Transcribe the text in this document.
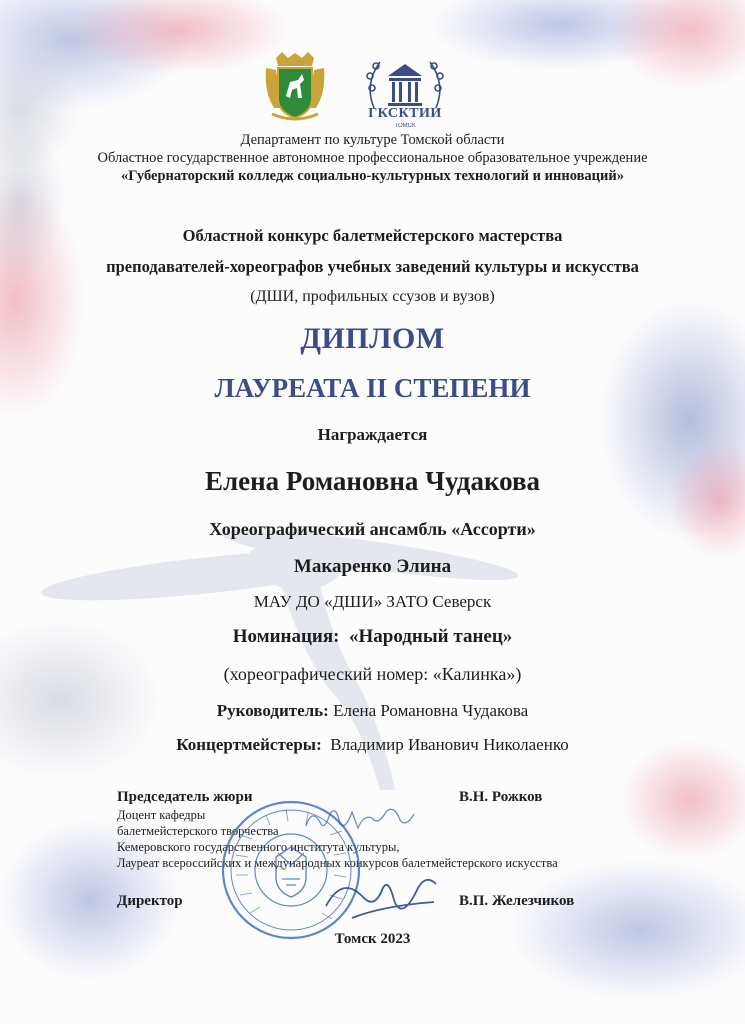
ГКСКТИИ
ТОМСК
Департамент по культуре Томской области
Областное государственное автономное профессиональное образовательное учреждение
«Губернаторский колледж социально-культурных технологий и инноваций»
Областной конкурс балетмейстерского мастерства
преподавателей-хореографов учебных заведений культуры и искусства
(ДШИ, профильных ссузов и вузов)
ДИПЛОМ
ЛАУРЕАТА II СТЕПЕНИ
Награждается
Елена Романовна Чудакова
Хореографический ансамбль «Ассорти»
Макаренко Элина
МАУ ДО «ДШИ» ЗАТО Северск
Номинация: «Народный танец»
(хореографический номер: «Калинка»)
Руководитель: Елена Романовна Чудакова
Концертмейстеры: Владимир Иванович Николаенко
Председатель жюри	В.Н. Рожков
Доцент кафедры
балетмейстерского творчества
Кемеровского государственного института культуры,
Лауреат всероссийских и международных конкурсов балетмейстерского искусства
Директор	В.П. Железчиков
Томск 2023
